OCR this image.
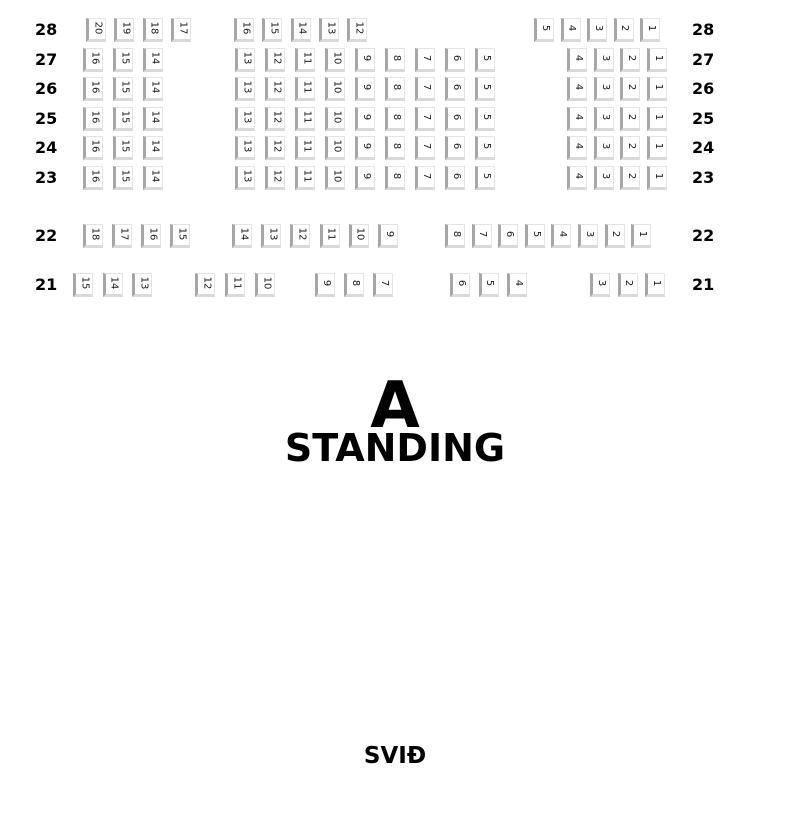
28	28
20 19 18 17	16 15 14 13 12	5 4 3 2 1
27	27
16 15 14	13 12 11 10 9 8 7 6 5	4 3 2 1
26	26
16 15 14	13 12 11 10 9 8 7 6 5	4 3 2 1
25	25
16 15 14	13 12 11 10 9 8 7 6 5	4 3 2 1
24	24
16 15 14	13 12 11 10 9 8 7 6 5	4 3 2 1
23	23
16 15 14	13 12 11 10 9 8 7 6 5	4 3 2 1
22	22
18 17 16 15	14 13 12 11 10 9	8 7 6 5 4 3 2 1
21	21
15 14 13	12 11 10	9 8 7	6 5 4	3 2 1
A
STANDING
SVIÐ
